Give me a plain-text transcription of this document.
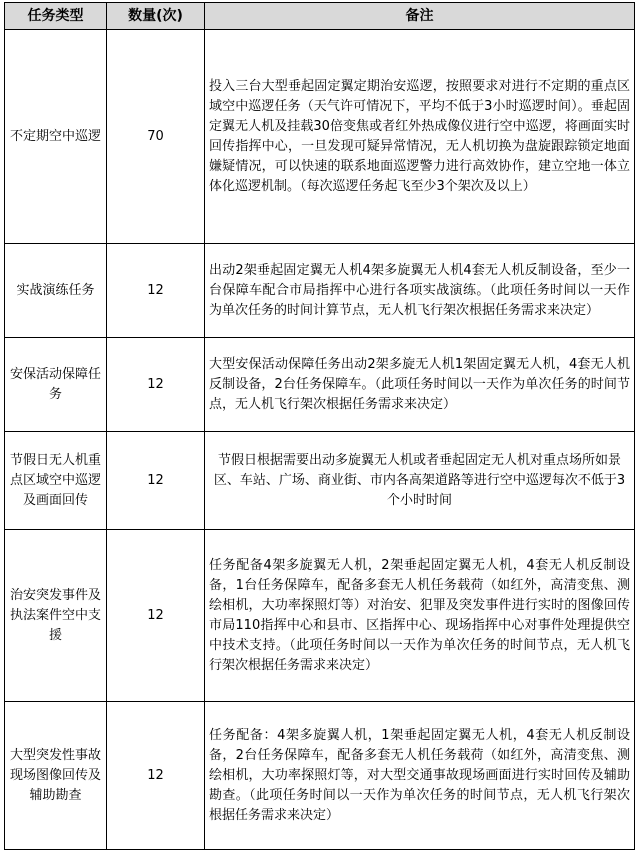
任务类型	数量(次)	备注
不定期空中巡逻	70	投入三台大型垂起固定翼定期治安巡逻，按照要求对进行不定期的重点区域空中巡逻任务（天气许可情况下，平均不低于3小时巡逻时间）。垂起固定翼无人机及挂载30倍变焦或者红外热成像仪进行空中巡逻，将画面实时回传指挥中心，一旦发现可疑异常情况，无人机切换为盘旋跟踪锁定地面嫌疑情况，可以快速的联系地面巡逻警力进行高效协作，建立空地一体立体化巡逻机制。（每次巡逻任务起飞至少3个架次及以上）
实战演练任务	12	出动2架垂起固定翼无人机4架多旋翼无人机4套无人机反制设备，至少一台保障车配合市局指挥中心进行各项实战演练。（此项任务时间以一天作为单次任务的时间计算节点，无人机飞行架次根据任务需求来决定）
安保活动保障任务	12	大型安保活动保障任务出动2架多旋无人机1架固定翼无人机，4套无人机反制设备，2台任务保障车。（此项任务时间以一天作为单次任务的时间节点，无人机飞行架次根据任务需求来决定）
节假日无人机重点区域空中巡逻及画面回传	12	节假日根据需要出动多旋翼无人机或者垂起固定无人机对重点场所如景区、车站、广场、商业街、市内各高架道路等进行空中巡逻每次不低于3个小时时间
治安突发事件及执法案件空中支援	12	任务配备4架多旋翼无人机，2架垂起固定翼无人机，4套无人机反制设备，1台任务保障车，配备多套无人机任务载荷（如红外，高清变焦、测绘相机，大功率探照灯等）对治安、犯罪及突发事件进行实时的图像回传市局110指挥中心和县市、区指挥中心、现场指挥中心对事件处理提供空中技术支持。（此项任务时间以一天作为单次任务的时间节点，无人机飞行架次根据任务需求来决定）
大型突发性事故现场图像回传及辅助勘查	12	任务配备：4架多旋翼人机，1架垂起固定翼无人机，4套无人机反制设备，2台任务保障车，配备多套无人机任务载荷（如红外，高清变焦、测绘相机，大功率探照灯等，对大型交通事故现场画面进行实时回传及辅助勘查。（此项任务时间以一天作为单次任务的时间节点，无人机飞行架次根据任务需求来决定）
